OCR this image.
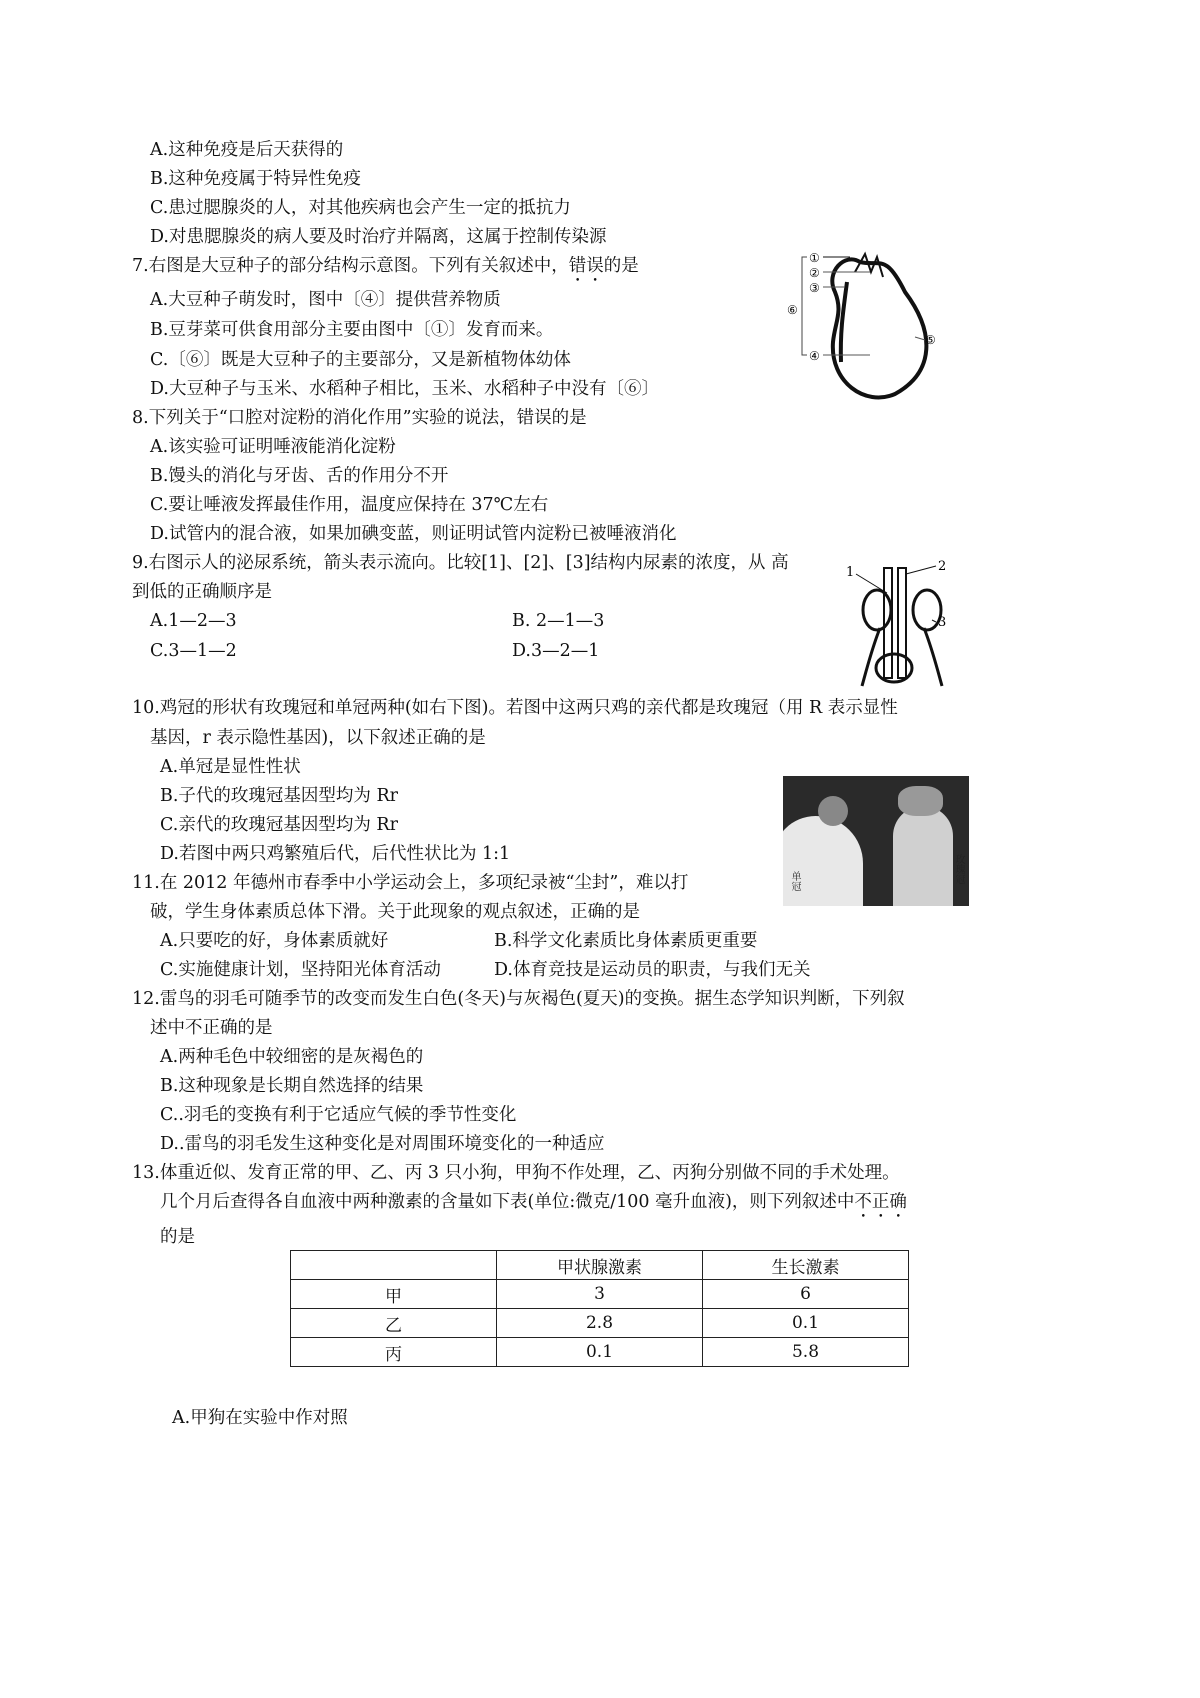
A.这种免疫是后天获得的
B.这种免疫属于特异性免疫
C.患过腮腺炎的人，对其他疾病也会产生一定的抵抗力
D.对患腮腺炎的病人要及时治疗并隔离，这属于控制传染源
7.右图是大豆种子的部分结构示意图。下列有关叙述中，错误的是
A.大豆种子萌发时，图中〔④〕提供营养物质
B.豆芽菜可供食用部分主要由图中〔①〕发育而来。
C.〔⑥〕既是大豆种子的主要部分，又是新植物体幼体
D.大豆种子与玉米、水稻种子相比，玉米、水稻种子中没有〔⑥〕
①
②
③
④
⑤
⑥
8.下列关于“口腔对淀粉的消化作用”实验的说法，错误的是
A.该实验可证明唾液能消化淀粉
B.馒头的消化与牙齿、舌的作用分不开
C.要让唾液发挥最佳作用，温度应保持在 37℃左右
D.试管内的混合液，如果加碘变蓝，则证明试管内淀粉已被唾液消化
9.右图示人的泌尿系统，箭头表示流向。比较[1]、[2]、[3]结构内尿素的浓度，从 高
到低的正确顺序是
A.1—2—3	B. 2—1—3
C.3—1—2	D.3—2—1
1	2
3
10.鸡冠的形状有玫瑰冠和单冠两种(如右下图)。若图中这两只鸡的亲代都是玫瑰冠（用 R 表示显性
基因，r 表示隐性基因)，以下叙述正确的是
A.单冠是显性性状
B.子代的玫瑰冠基因型均为 Rr
C.亲代的玫瑰冠基因型均为 Rr
D.若图中两只鸡繁殖后代，后代性状比为 1:1
单冠	玫瑰冠
11.在 2012 年德州市春季中小学运动会上，多项纪录被“尘封”，难以打
破，学生身体素质总体下滑。关于此现象的观点叙述，正确的是
A.只要吃的好，身体素质就好	B.科学文化素质比身体素质更重要
C.实施健康计划，坚持阳光体育活动	D.体育竞技是运动员的职责，与我们无关
12.雷鸟的羽毛可随季节的改变而发生白色(冬天)与灰褐色(夏天)的变换。据生态学知识判断，下列叙
述中不正确的是
A.两种毛色中较细密的是灰褐色的
B.这种现象是长期自然选择的结果
C..羽毛的变换有利于它适应气候的季节性变化
D..雷鸟的羽毛发生这种变化是对周围环境变化的一种适应
13.体重近似、发育正常的甲、乙、丙 3 只小狗，甲狗不作处理，乙、丙狗分别做不同的手术处理。
几个月后查得各自血液中两种激素的含量如下表(单位:微克/100 毫升血液)，则下列叙述中不正确
的是
	甲状腺激素	生长激素
甲	3	6
乙	2.8	0.1
丙	0.1	5.8
A.甲狗在实验中作对照
